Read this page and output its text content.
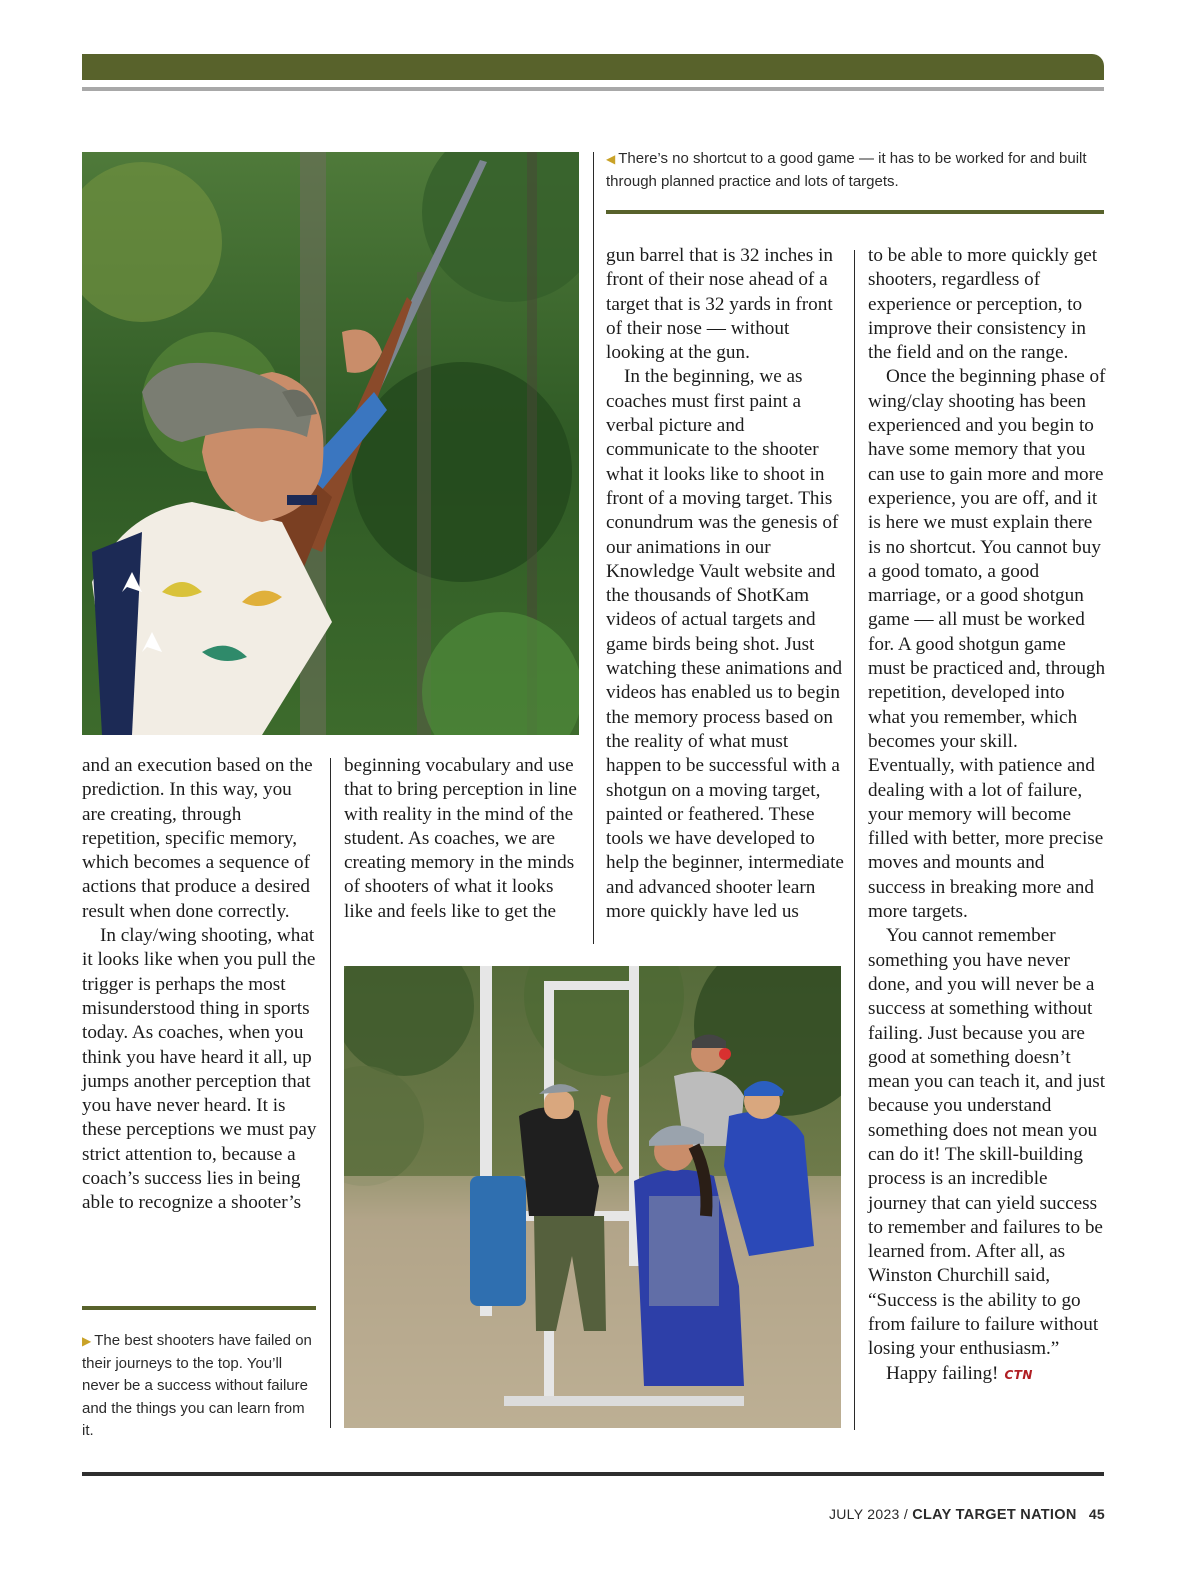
◀ There’s no shortcut to a good game — it has to be worked for and built through planned practice and lots of targets.

and an execution based on the prediction. In this way, you are creating, through repetition, specific memory, which becomes a sequence of actions that produce a desired result when done correctly.

In clay/wing shooting, what it looks like when you pull the trigger is perhaps the most misunderstood thing in sports today. As coaches, when you think you have heard it all, up jumps another perception that you have never heard. It is these perceptions we must pay strict attention to, because a coach’s success lies in being able to recognize a shooter’s

▶ The best shooters have failed on their journeys to the top. You’ll never be a success without failure and the things you can learn from it.

beginning vocabulary and use that to bring perception in line with reality in the mind of the student. As coaches, we are creating memory in the minds of shooters of what it looks like and feels like to get the

gun barrel that is 32 inches in front of their nose ahead of a target that is 32 yards in front of their nose — without looking at the gun.

In the beginning, we as coaches must first paint a verbal picture and communicate to the shooter what it looks like to shoot in front of a moving target. This conundrum was the genesis of our animations in our Knowledge Vault website and the thousands of ShotKam videos of actual targets and game birds being shot. Just watching these animations and videos has enabled us to begin the memory process based on the reality of what must happen to be successful with a shotgun on a moving target, painted or feathered. These tools we have developed to help the beginner, intermediate and advanced shooter learn more quickly have led us

to be able to more quickly get shooters, regardless of experience or perception, to improve their consistency in the field and on the range.

Once the beginning phase of wing/clay shooting has been experienced and you begin to have some memory that you can use to gain more and more experience, you are off, and it is here we must explain there is no shortcut. You cannot buy a good tomato, a good marriage, or a good shotgun game — all must be worked for. A good shotgun game must be practiced and, through repetition, developed into what you remember, which becomes your skill. Eventually, with patience and dealing with a lot of failure, your memory will become filled with better, more precise moves and mounts and success in breaking more and more targets.

You cannot remember something you have never done, and you will never be a success at something without failing. Just because you are good at something doesn’t mean you can teach it, and just because you understand something does not mean you can do it! The skill-building process is an incredible journey that can yield success to remember and failures to be learned from. After all, as Winston Churchill said, “Success is the ability to go from failure to failure without losing your enthusiasm.”

Happy failing! CTN

JULY 2023 / CLAY TARGET NATION 45
